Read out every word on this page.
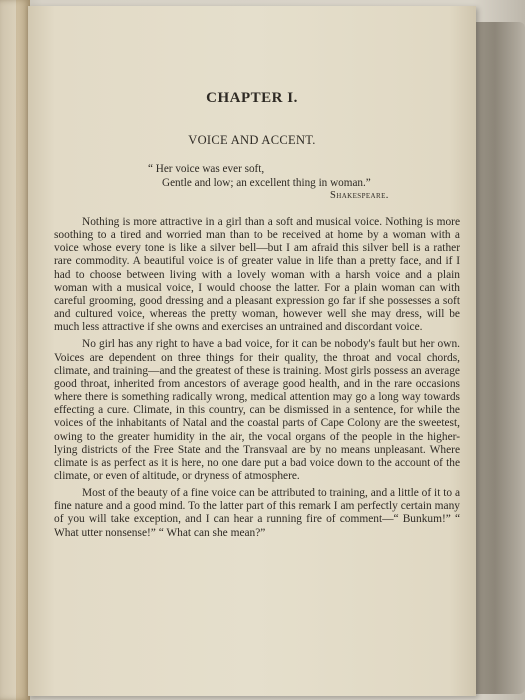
CHAPTER I.
VOICE AND ACCENT.
“ Her voice was ever soft,
Gentle and low; an excellent thing in woman.”
Shakespeare.

Nothing is more attractive in a girl than a soft and musical voice. Nothing is more soothing to a tired and worried man than to be received at home by a woman with a voice whose every tone is like a silver bell—but I am afraid this silver bell is a rather rare commodity. A beautiful voice is of greater value in life than a pretty face, and if I had to choose between living with a lovely woman with a harsh voice and a plain woman with a musical voice, I would choose the latter. For a plain woman can with careful grooming, good dressing and a pleasant expression go far if she possesses a soft and cultured voice, whereas the pretty woman, however well she may dress, will be much less attractive if she owns and exercises an untrained and discordant voice.

No girl has any right to have a bad voice, for it can be nobody's fault but her own. Voices are dependent on three things for their quality, the throat and vocal chords, climate, and training—and the greatest of these is training. Most girls possess an average good throat, inherited from ancestors of average good health, and in the rare occasions where there is something radically wrong, medical attention may go a long way towards effecting a cure. Climate, in this country, can be dismissed in a sentence, for while the voices of the inhabitants of Natal and the coastal parts of Cape Colony are the sweetest, owing to the greater humidity in the air, the vocal organs of the people in the higher-lying districts of the Free State and the Transvaal are by no means unpleasant. Where climate is as perfect as it is here, no one dare put a bad voice down to the account of the climate, or even of altitude, or dryness of atmosphere.

Most of the beauty of a fine voice can be attributed to training, and a little of it to a fine nature and a good mind. To the latter part of this remark I am perfectly certain many of you will take exception, and I can hear a running fire of comment—“ Bunkum!” “ What utter nonsense!” “ What can she mean?”
